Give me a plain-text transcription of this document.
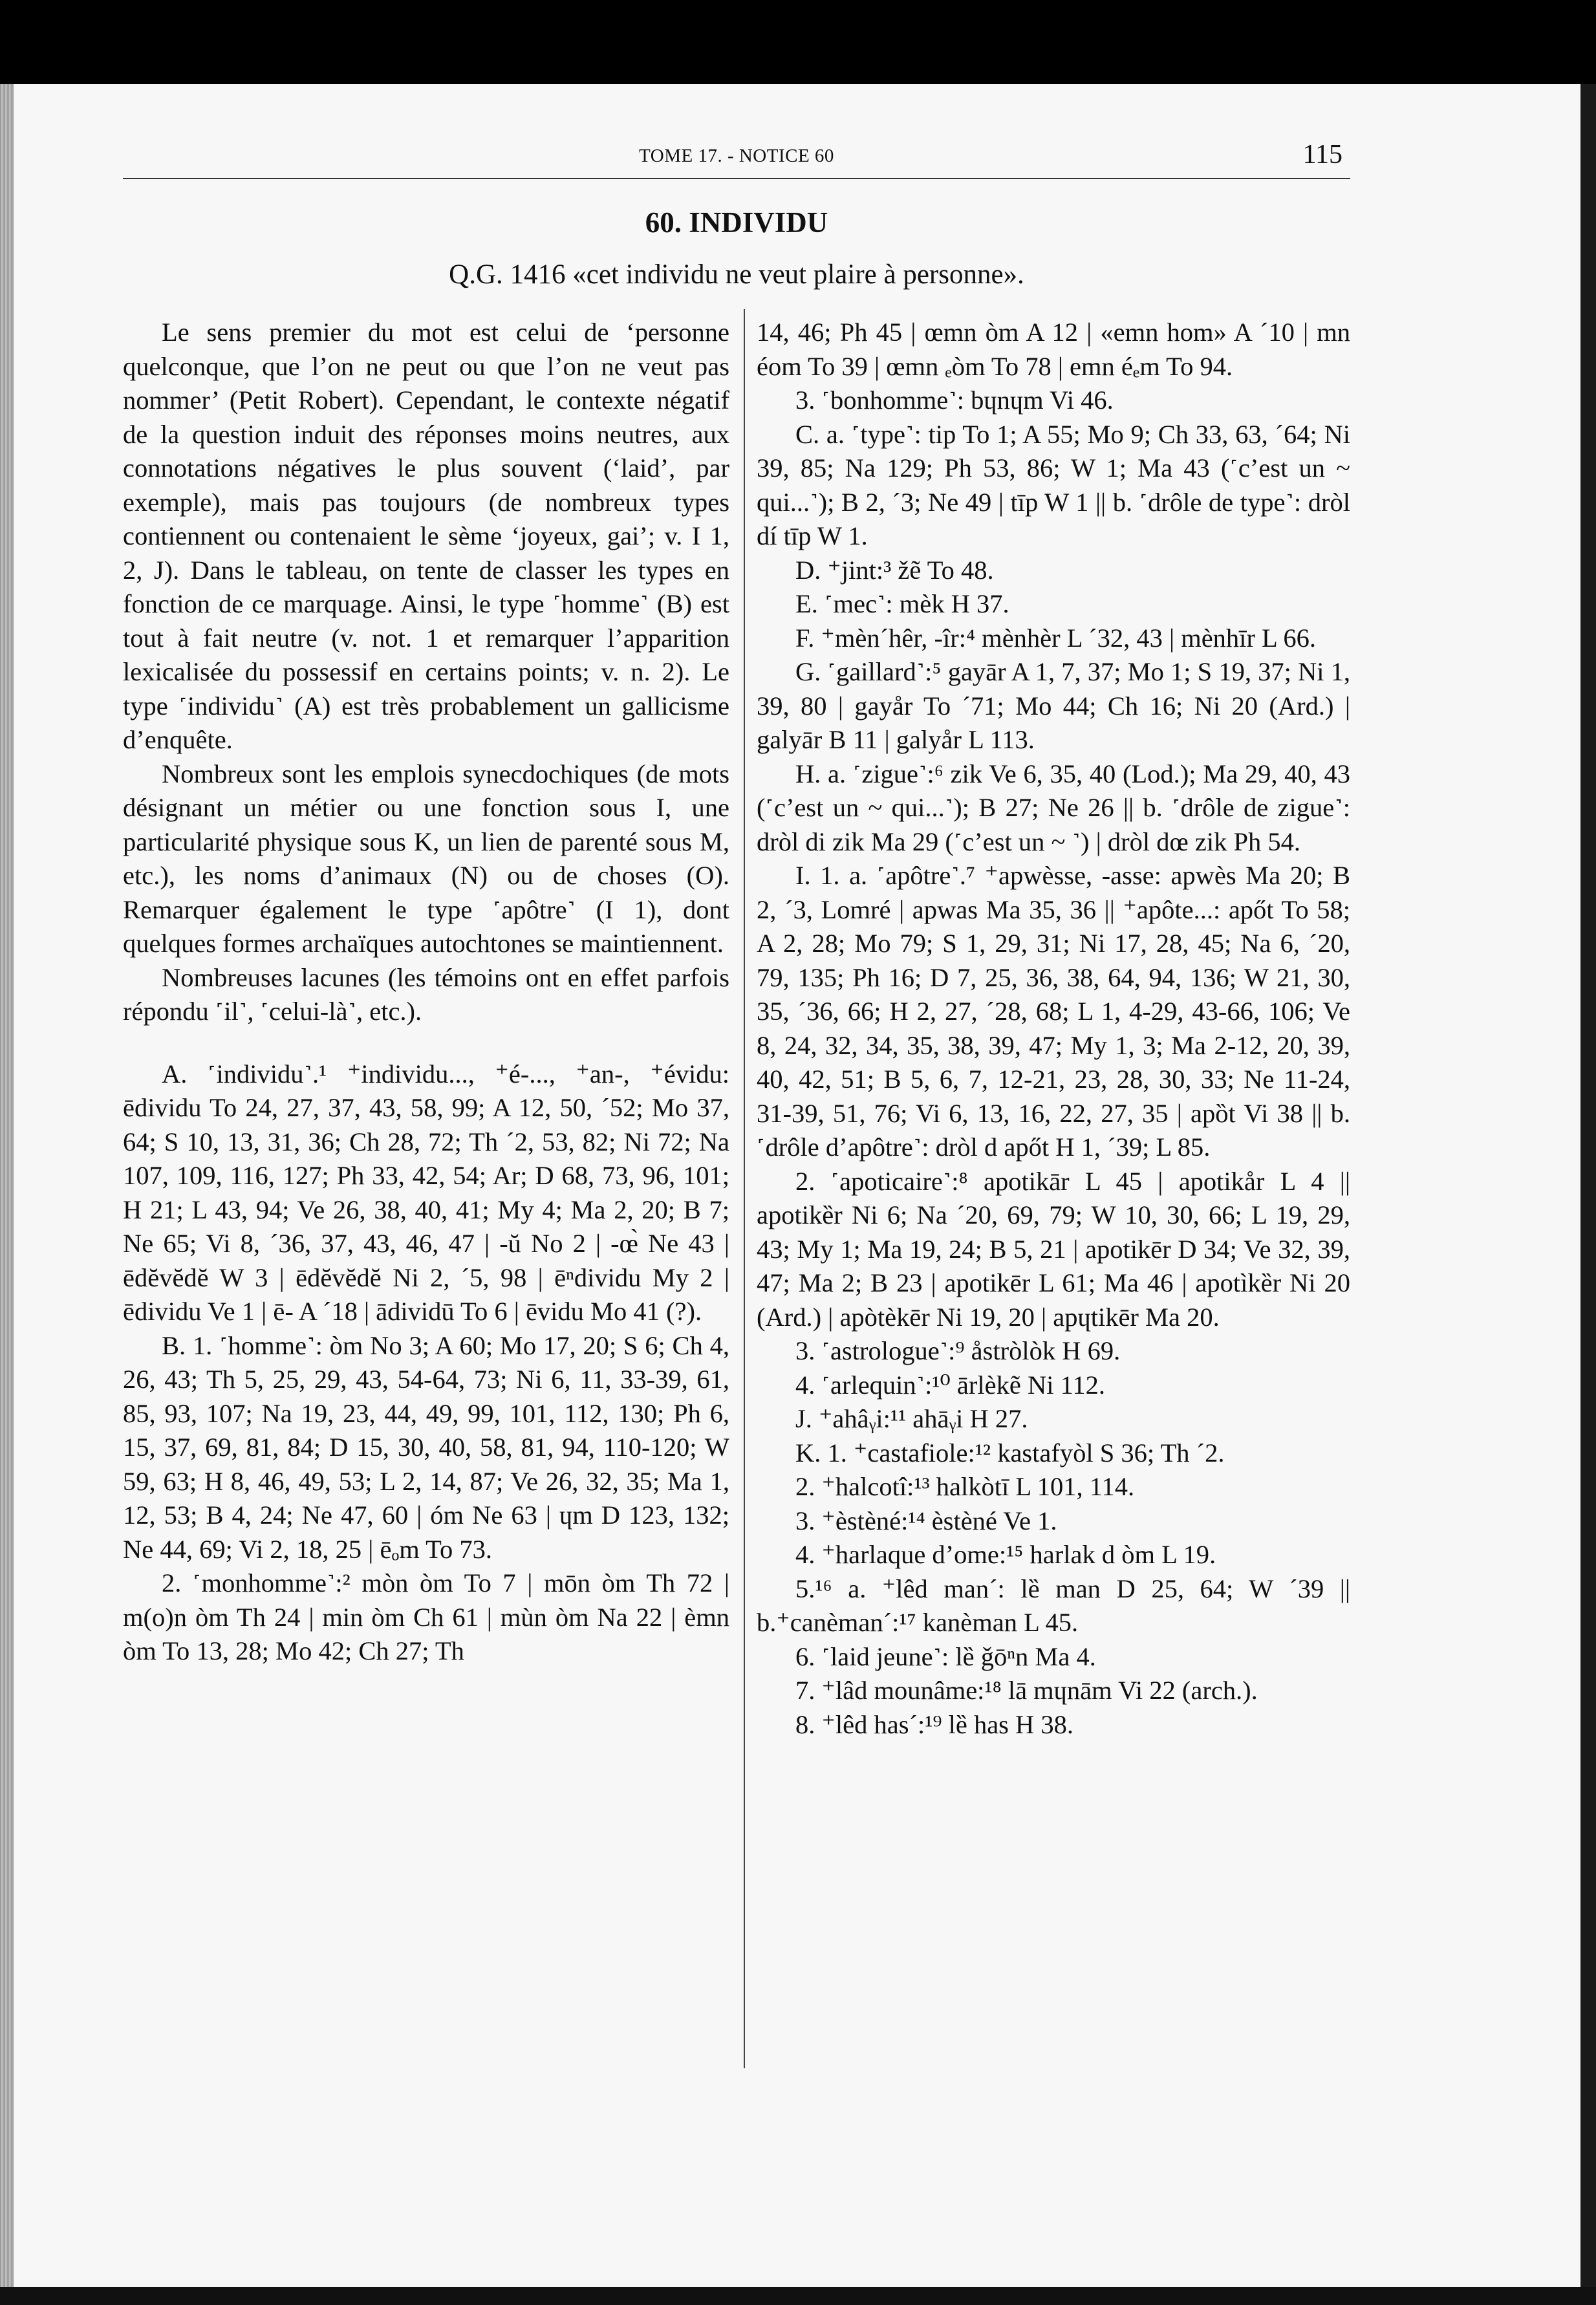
TOME 17. - NOTICE 60	115
60. INDIVIDU
Q.G. 1416 «cet individu ne veut plaire à personne».

Le sens premier du mot est celui de ‘personne quelconque, que l’on ne peut ou que l’on ne veut pas nommer’ (Petit Robert). Cependant, le contexte négatif de la question induit des réponses moins neutres, aux connotations négatives le plus souvent (‘laid’, par exemple), mais pas toujours (de nombreux types contiennent ou contenaient le sème ‘joyeux, gai’; v. I 1, 2, J). Dans le tableau, on tente de classer les types en fonction de ce marquage. Ainsi, le type ˹homme˺ (B) est tout à fait neutre (v. not. 1 et remarquer l’apparition lexicalisée du possessif en certains points; v. n. 2). Le type ˹individu˺ (A) est très probablement un gallicisme d’enquête.

Nombreux sont les emplois synecdochiques (de mots désignant un métier ou une fonction sous I, une particularité physique sous K, un lien de parenté sous M, etc.), les noms d’animaux (N) ou de choses (O). Remarquer également le type ˹apôtre˺ (I 1), dont quelques formes archaïques autochtones se maintiennent.

Nombreuses lacunes (les témoins ont en effet parfois répondu ˹il˺, ˹celui-là˺, etc.).

A. ˹individu˺.¹ ⁺individu..., ⁺é-..., ⁺an-, ⁺évidu: ēdividu To 24, 27, 37, 43, 58, 99; A 12, 50, ´52; Mo 37, 64; S 10, 13, 31, 36; Ch 28, 72; Th ´2, 53, 82; Ni 72; Na 107, 109, 116, 127; Ph 33, 42, 54; Ar; D 68, 73, 96, 101; H 21; L 43, 94; Ve 26, 38, 40, 41; My 4; Ma 2, 20; B 7; Ne 65; Vi 8, ´36, 37, 43, 46, 47 | -ŭ No 2 | -œ̀ Ne 43 | ēdĕvĕdĕ W 3 | ēdĕvĕdĕ Ni 2, ´5, 98 | ēⁿdividu My 2 | ēdividu Ve 1 | ē- A ´18 | ādividū To 6 | ēvidu Mo 41 (?).

B. 1. ˹homme˺: òm No 3; A 60; Mo 17, 20; S 6; Ch 4, 26, 43; Th 5, 25, 29, 43, 54-64, 73; Ni 6, 11, 33-39, 61, 85, 93, 107; Na 19, 23, 44, 49, 99, 101, 112, 130; Ph 6, 15, 37, 69, 81, 84; D 15, 30, 40, 58, 81, 94, 110-120; W 59, 63; H 8, 46, 49, 53; L 2, 14, 87; Ve 26, 32, 35; Ma 1, 12, 53; B 4, 24; Ne 47, 60 | óm Ne 63 | ɥm D 123, 132; Ne 44, 69; Vi 2, 18, 25 | ēₒm To 73.

2. ˹monhomme˺:² mòn òm To 7 | mōn òm Th 72 | m(o)n òm Th 24 | min òm Ch 61 | mùn òm Na 22 | èmn òm To 13, 28; Mo 42; Ch 27; Th

14, 46; Ph 45 | œmn òm A 12 | «emn hom» A ´10 | mn éom To 39 | œmn ₑòm To 78 | emn éₑm To 94.

3. ˹bonhomme˺: bɥnɥm Vi 46.

C. a. ˹type˺: tip To 1; A 55; Mo 9; Ch 33, 63, ´64; Ni 39, 85; Na 129; Ph 53, 86; W 1; Ma 43 (˹c’est un ~ qui...˺); B 2, ´3; Ne 49 | tīp W 1 || b. ˹drôle de type˺: dròl dí tīp W 1.

D. ⁺jint:³ žẽ To 48.

E. ˹mec˺: mèk H 37.

F. ⁺mèn´hêr, -îr:⁴ mènhèr L ´32, 43 | mènhīr L 66.

G. ˹gaillard˺:⁵ gayār A 1, 7, 37; Mo 1; S 19, 37; Ni 1, 39, 80 | gayår To ´71; Mo 44; Ch 16; Ni 20 (Ard.) | galyār B 11 | galyår L 113.

H. a. ˹zigue˺:⁶ zik Ve 6, 35, 40 (Lod.); Ma 29, 40, 43 (˹c’est un ~ qui...˺); B 27; Ne 26 || b. ˹drôle de zigue˺: dròl di zik Ma 29 (˹c’est un ~ ˺) | dròl dœ zik Ph 54.

I. 1. a. ˹apôtre˺.⁷ ⁺apwèsse, -asse: apwès Ma 20; B 2, ´3, Lomré | apwas Ma 35, 36 || ⁺apôte...: apőt To 58; A 2, 28; Mo 79; S 1, 29, 31; Ni 17, 28, 45; Na 6, ´20, 79, 135; Ph 16; D 7, 25, 36, 38, 64, 94, 136; W 21, 30, 35, ´36, 66; H 2, 27, ´28, 68; L 1, 4-29, 43-66, 106; Ve 8, 24, 32, 34, 35, 38, 39, 47; My 1, 3; Ma 2-12, 20, 39, 40, 42, 51; B 5, 6, 7, 12-21, 23, 28, 30, 33; Ne 11-24, 31-39, 51, 76; Vi 6, 13, 16, 22, 27, 35 | apȍt Vi 38 || b. ˹drôle d’apôtre˺: dròl d apőt H 1, ´39; L 85.

2. ˹apoticaire˺:⁸ apotikār L 45 | apotikår L 4 || apotikȅr Ni 6; Na ´20, 69, 79; W 10, 30, 66; L 19, 29, 43; My 1; Ma 19, 24; B 5, 21 | apotikēr D 34; Ve 32, 39, 47; Ma 2; B 23 | apotikēr L 61; Ma 46 | apotìkȅr Ni 20 (Ard.) | apòtèkēr Ni 19, 20 | apɥtikēr Ma 20.

3. ˹astrologue˺:⁹ åstròlòk H 69.

4. ˹arlequin˺:¹⁰ ārlèkẽ Ni 112.

J. ⁺ahâᵧi:¹¹ ahāᵧi H 27.

K. 1. ⁺castafiole:¹² kastafyòl S 36; Th ´2.

2. ⁺halcotî:¹³ halkòtī L 101, 114.

3. ⁺èstèné:¹⁴ èstèné Ve 1.

4. ⁺harlaque d’ome:¹⁵ harlak d òm L 19.

5.¹⁶ a. ⁺lêd man´: lȅ man D 25, 64; W ´39 || b.⁺canèman´:¹⁷ kanèman L 45.

6. ˹laid jeune˺: lȅ ǧōⁿn Ma 4.

7. ⁺lâd mounâme:¹⁸ lā mɥnām Vi 22 (arch.).

8. ⁺lêd has´:¹⁹ lȅ has H 38.
